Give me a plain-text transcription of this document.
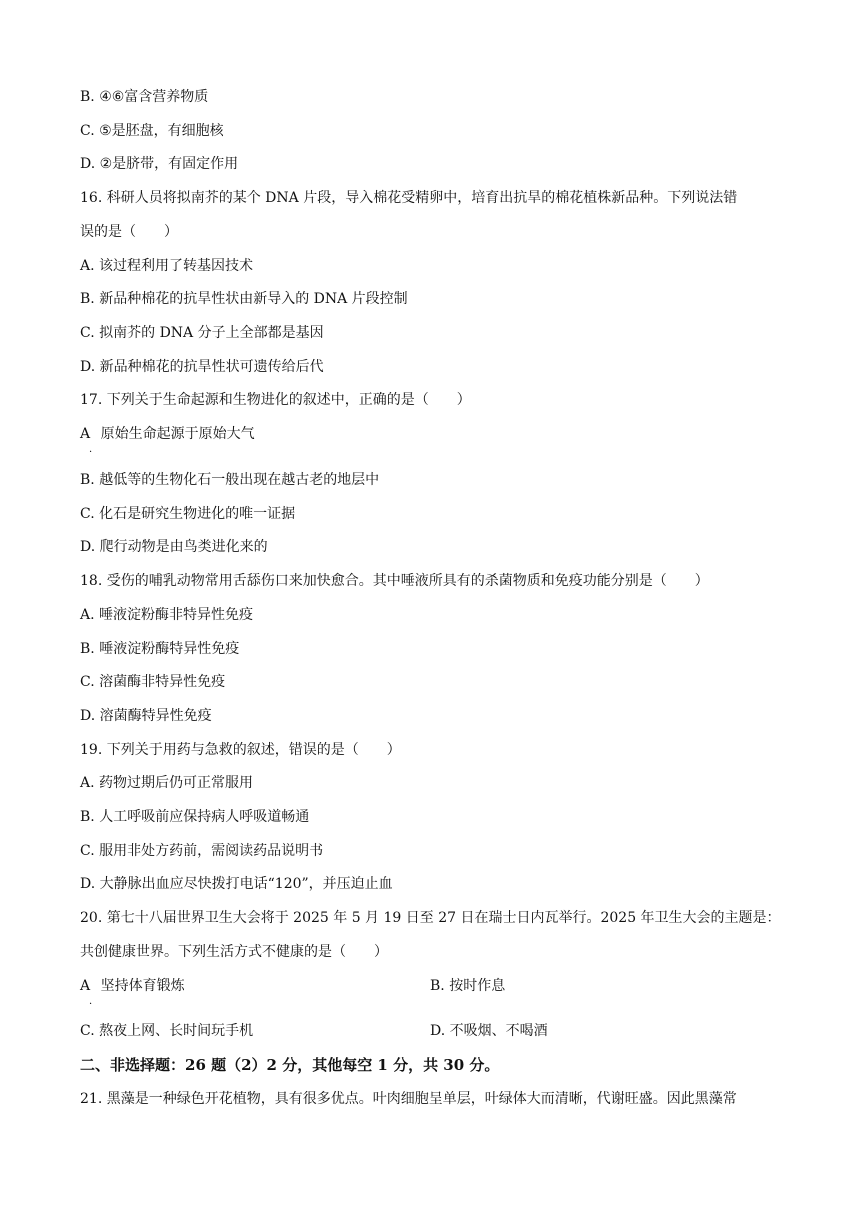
B. ④⑥富含营养物质
C. ⑤是胚盘，有细胞核
D. ②是脐带，有固定作用
16. 科研人员将拟南芥的某个 DNA 片段，导入棉花受精卵中，培育出抗旱的棉花植株新品种。下列说法错
误的是（　　）
A. 该过程利用了转基因技术
B. 新品种棉花的抗旱性状由新导入的 DNA 片段控制
C. 拟南芥的 DNA 分子上全部都是基因
D. 新品种棉花的抗旱性状可遗传给后代
17. 下列关于生命起源和生物进化的叙述中，正确的是（　　）
A
·
原始生命起源于原始大气
B. 越低等的生物化石一般出现在越古老的地层中
C. 化石是研究生物进化的唯一证据
D. 爬行动物是由鸟类进化来的
18. 受伤的哺乳动物常用舌舔伤口来加快愈合。其中唾液所具有的杀菌物质和免疫功能分别是（　　）
A. 唾液淀粉酶非特异性免疫
B. 唾液淀粉酶特异性免疫
C. 溶菌酶非特异性免疫
D. 溶菌酶特异性免疫
19. 下列关于用药与急救的叙述，错误的是（　　）
A. 药物过期后仍可正常服用
B. 人工呼吸前应保持病人呼吸道畅通
C. 服用非处方药前，需阅读药品说明书
D. 大静脉出血应尽快拨打电话“120”，并压迫止血
20. 第七十八届世界卫生大会将于 2025 年 5 月 19 日至 27 日在瑞士日内瓦举行。2025 年卫生大会的主题是：
共创健康世界。下列生活方式不健康的是（　　）
A
·
坚持体育锻炼	B. 按时作息
C. 熬夜上网、长时间玩手机	D. 不吸烟、不喝酒
二、非选择题：26 题（2）2 分，其他每空 1 分，共 30 分。
21. 黑藻是一种绿色开花植物，具有很多优点。叶肉细胞呈单层，叶绿体大而清晰，代谢旺盛。因此黑藻常
